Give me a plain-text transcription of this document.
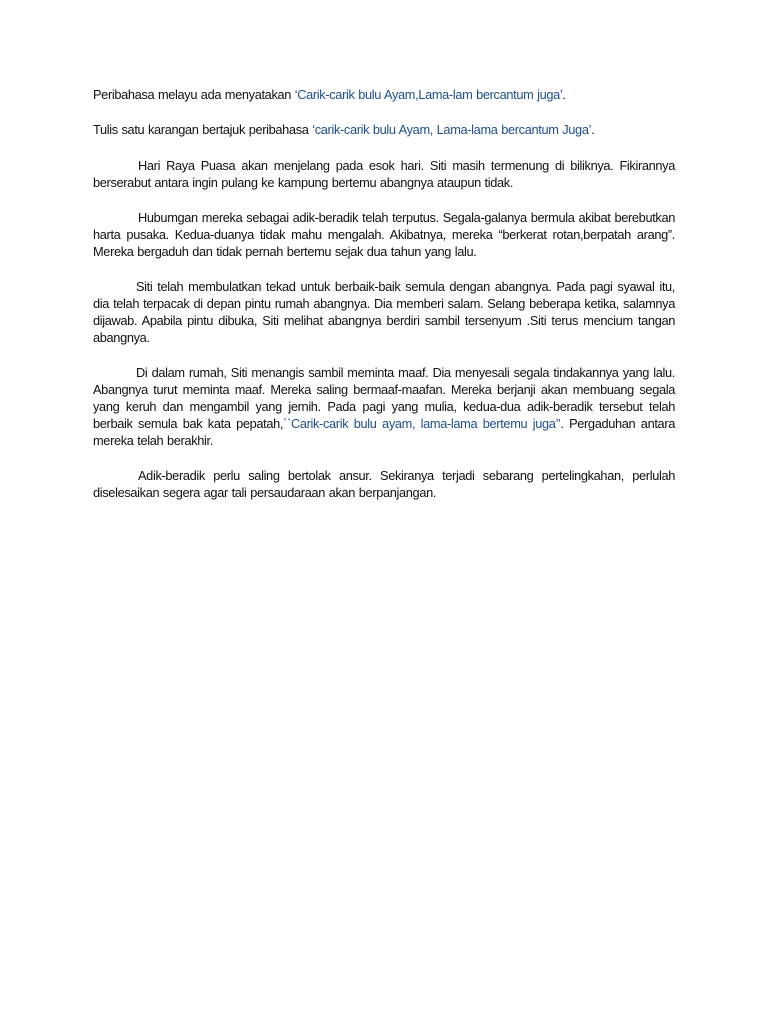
Peribahasa melayu ada menyatakan ‘Carik-carik bulu Ayam,Lama-lam bercantum juga’.

Tulis satu karangan bertajuk peribahasa ‘carik-carik bulu Ayam, Lama-lama bercantum Juga’.

Hari Raya Puasa akan menjelang pada esok hari. Siti masih termenung di biliknya. Fikirannya berserabut antara ingin pulang ke kampung bertemu abangnya ataupun tidak.

Hubumgan mereka sebagai adik-beradik telah terputus. Segala-galanya bermula akibat berebutkan harta pusaka. Kedua-duanya tidak mahu mengalah. Akibatnya, mereka “berkerat rotan,berpatah arang”. Mereka bergaduh dan tidak pernah bertemu sejak dua tahun yang lalu.

Siti telah membulatkan tekad untuk berbaik-baik semula dengan abangnya. Pada pagi syawal itu, dia telah terpacak di depan pintu rumah abangnya. Dia memberi salam. Selang beberapa ketika, salamnya dijawab. Apabila pintu dibuka, Siti melihat abangnya berdiri sambil tersenyum .Siti terus mencium tangan abangnya.

Di dalam rumah, Siti menangis sambil meminta maaf. Dia menyesali segala tindakannya yang lalu. Abangnya turut meminta maaf. Mereka saling bermaaf-maafan. Mereka berjanji akan membuang segala yang keruh dan mengambil yang jernih. Pada pagi yang mulia, kedua-dua adik-beradik tersebut telah berbaik semula bak kata pepatah,``Carik-carik bulu ayam, lama-lama bertemu juga’’. Pergaduhan antara mereka telah berakhir.

Adik-beradik perlu saling bertolak ansur. Sekiranya terjadi sebarang pertelingkahan, perlulah diselesaikan segera agar tali persaudaraan akan berpanjangan.
